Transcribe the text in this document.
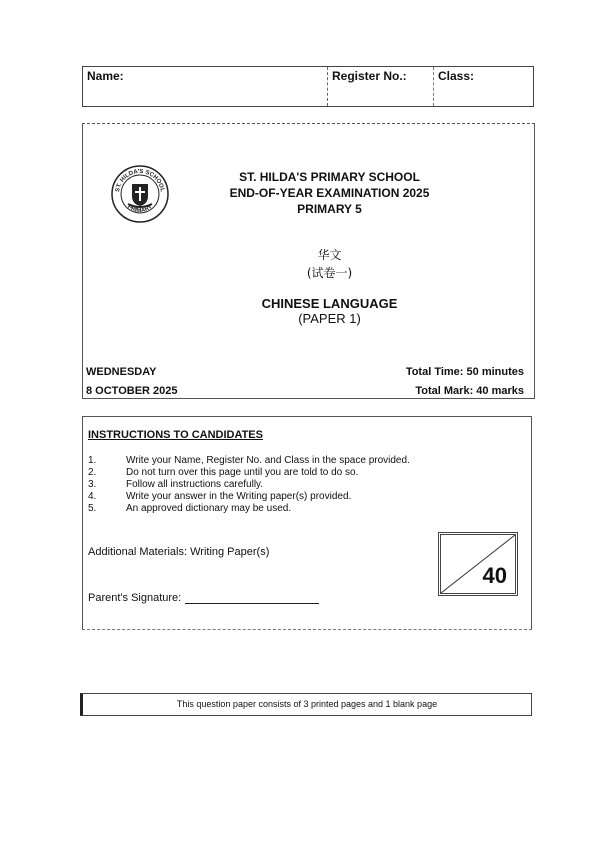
Name:	Register No.:	Class:
ST. HILDA'S SCHOOL
PRIMARY
ST. HILDA'S PRIMARY SCHOOL
END-OF-YEAR EXAMINATION 2025
PRIMARY 5
华文
(试卷一)
CHINESE LANGUAGE
(PAPER 1)
WEDNESDAY
8 OCTOBER 2025
Total Time: 50 minutes
Total Mark: 40 marks
INSTRUCTIONS TO CANDIDATES
1.	Write your Name, Register No. and Class in the space provided.
2.	Do not turn over this page until you are told to do so.
3.	Follow all instructions carefully.
4.	Write your answer in the Writing paper(s) provided.
5.	An approved dictionary may be used.
Additional Materials: Writing Paper(s)
Parent's Signature:
40
This question paper consists of 3 printed pages and 1 blank page
